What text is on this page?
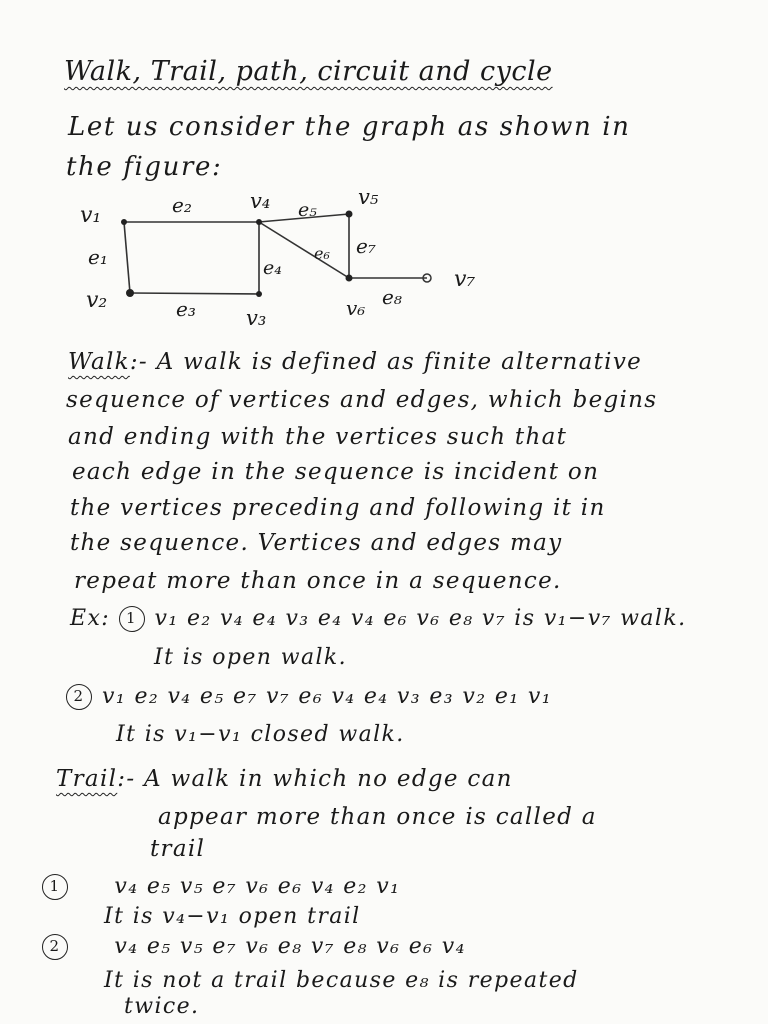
Walk, Trail, path, circuit and cycle
Let us consider the graph as shown in
the figure:
v₁
v₂
v₃
v₄	v₅
v₆
v₇
e₁
e₂
e₃
e₄
e₅
e₆ e₇
e₈
Walk:- A walk is defined as finite alternative
sequence of vertices and edges, which begins
and ending with the vertices such that
each edge in the sequence is incident on
the vertices preceding and following it in
the sequence. Vertices and edges may
repeat more than once in a sequence.
Ex: 1 v₁ e₂ v₄ e₄ v₃ e₄ v₄ e₆ v₆ e₈ v₇ is v₁−v₇ walk.
It is open walk.
2 v₁ e₂ v₄ e₅ e₇ v₇ e₆ v₄ e₄ v₃ e₃ v₂ e₁ v₁
It is v₁−v₁ closed walk.
Trail:- A walk in which no edge can
appear more than once is called a
trail
1 v₄ e₅ v₅ e₇ v₆ e₆ v₄ e₂ v₁
It is v₄−v₁ open trail
2 v₄ e₅ v₅ e₇ v₆ e₈ v₇ e₈ v₆ e₆ v₄
It is not a trail because e₈ is repeated
twice.
